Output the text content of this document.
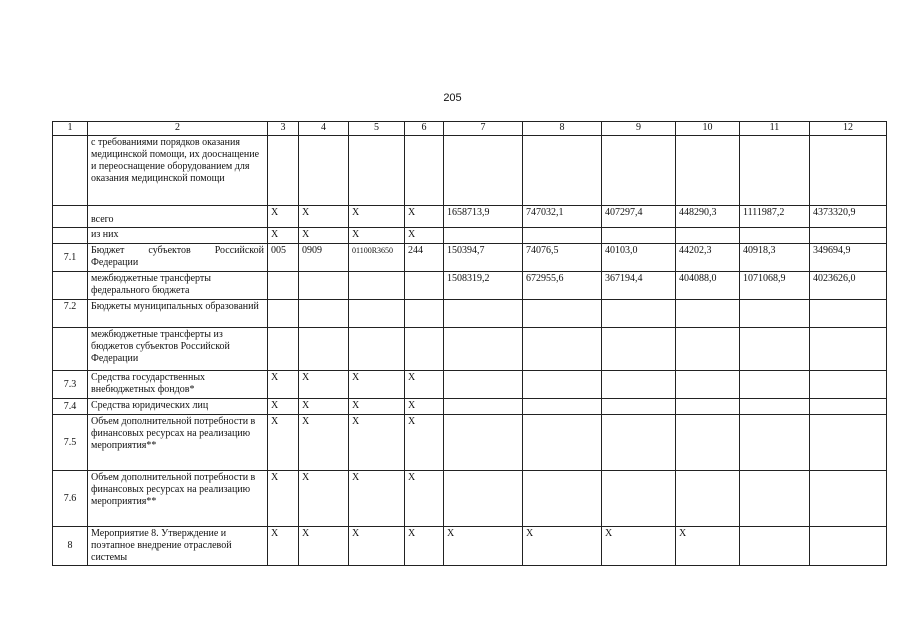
205
1	2	3	4	5	6	7	8	9	10	11	12
	с требованиями порядков оказания медицинской помощи, их дооснащение и переоснащение оборудованием для оказания медицинской помощи										
	всего	X	X	X	X	1658713,9	747032,1	407297,4	448290,3	1111987,2	4373320,9
	из них	X	X	X	X						
7.1	Бюджет субъектов Российской Федерации	005	0909	01100R3650	244	150394,7	74076,5	40103,0	44202,3	40918,3	349694,9
	межбюджетные трансферты федерального бюджета					1508319,2	672955,6	367194,4	404088,0	1071068,9	4023626,0
7.2	Бюджеты муниципальных образований										
	межбюджетные трансферты из бюджетов субъектов Российской Федерации										
7.3	Средства государственных внебюджетных фондов*	X	X	X	X						
7.4	Средства юридических лиц	X	X	X	X						
7.5	Объем дополнительной потребности в финансовых ресурсах на реализацию мероприятия**	X	X	X	X						
7.6	Объем дополнительной потребности в финансовых ресурсах на реализацию мероприятия**	X	X	X	X						
8	Мероприятие 8. Утверждение и поэтапное внедрение отраслевой системы	X	X	X	X	X	X	X	X		
